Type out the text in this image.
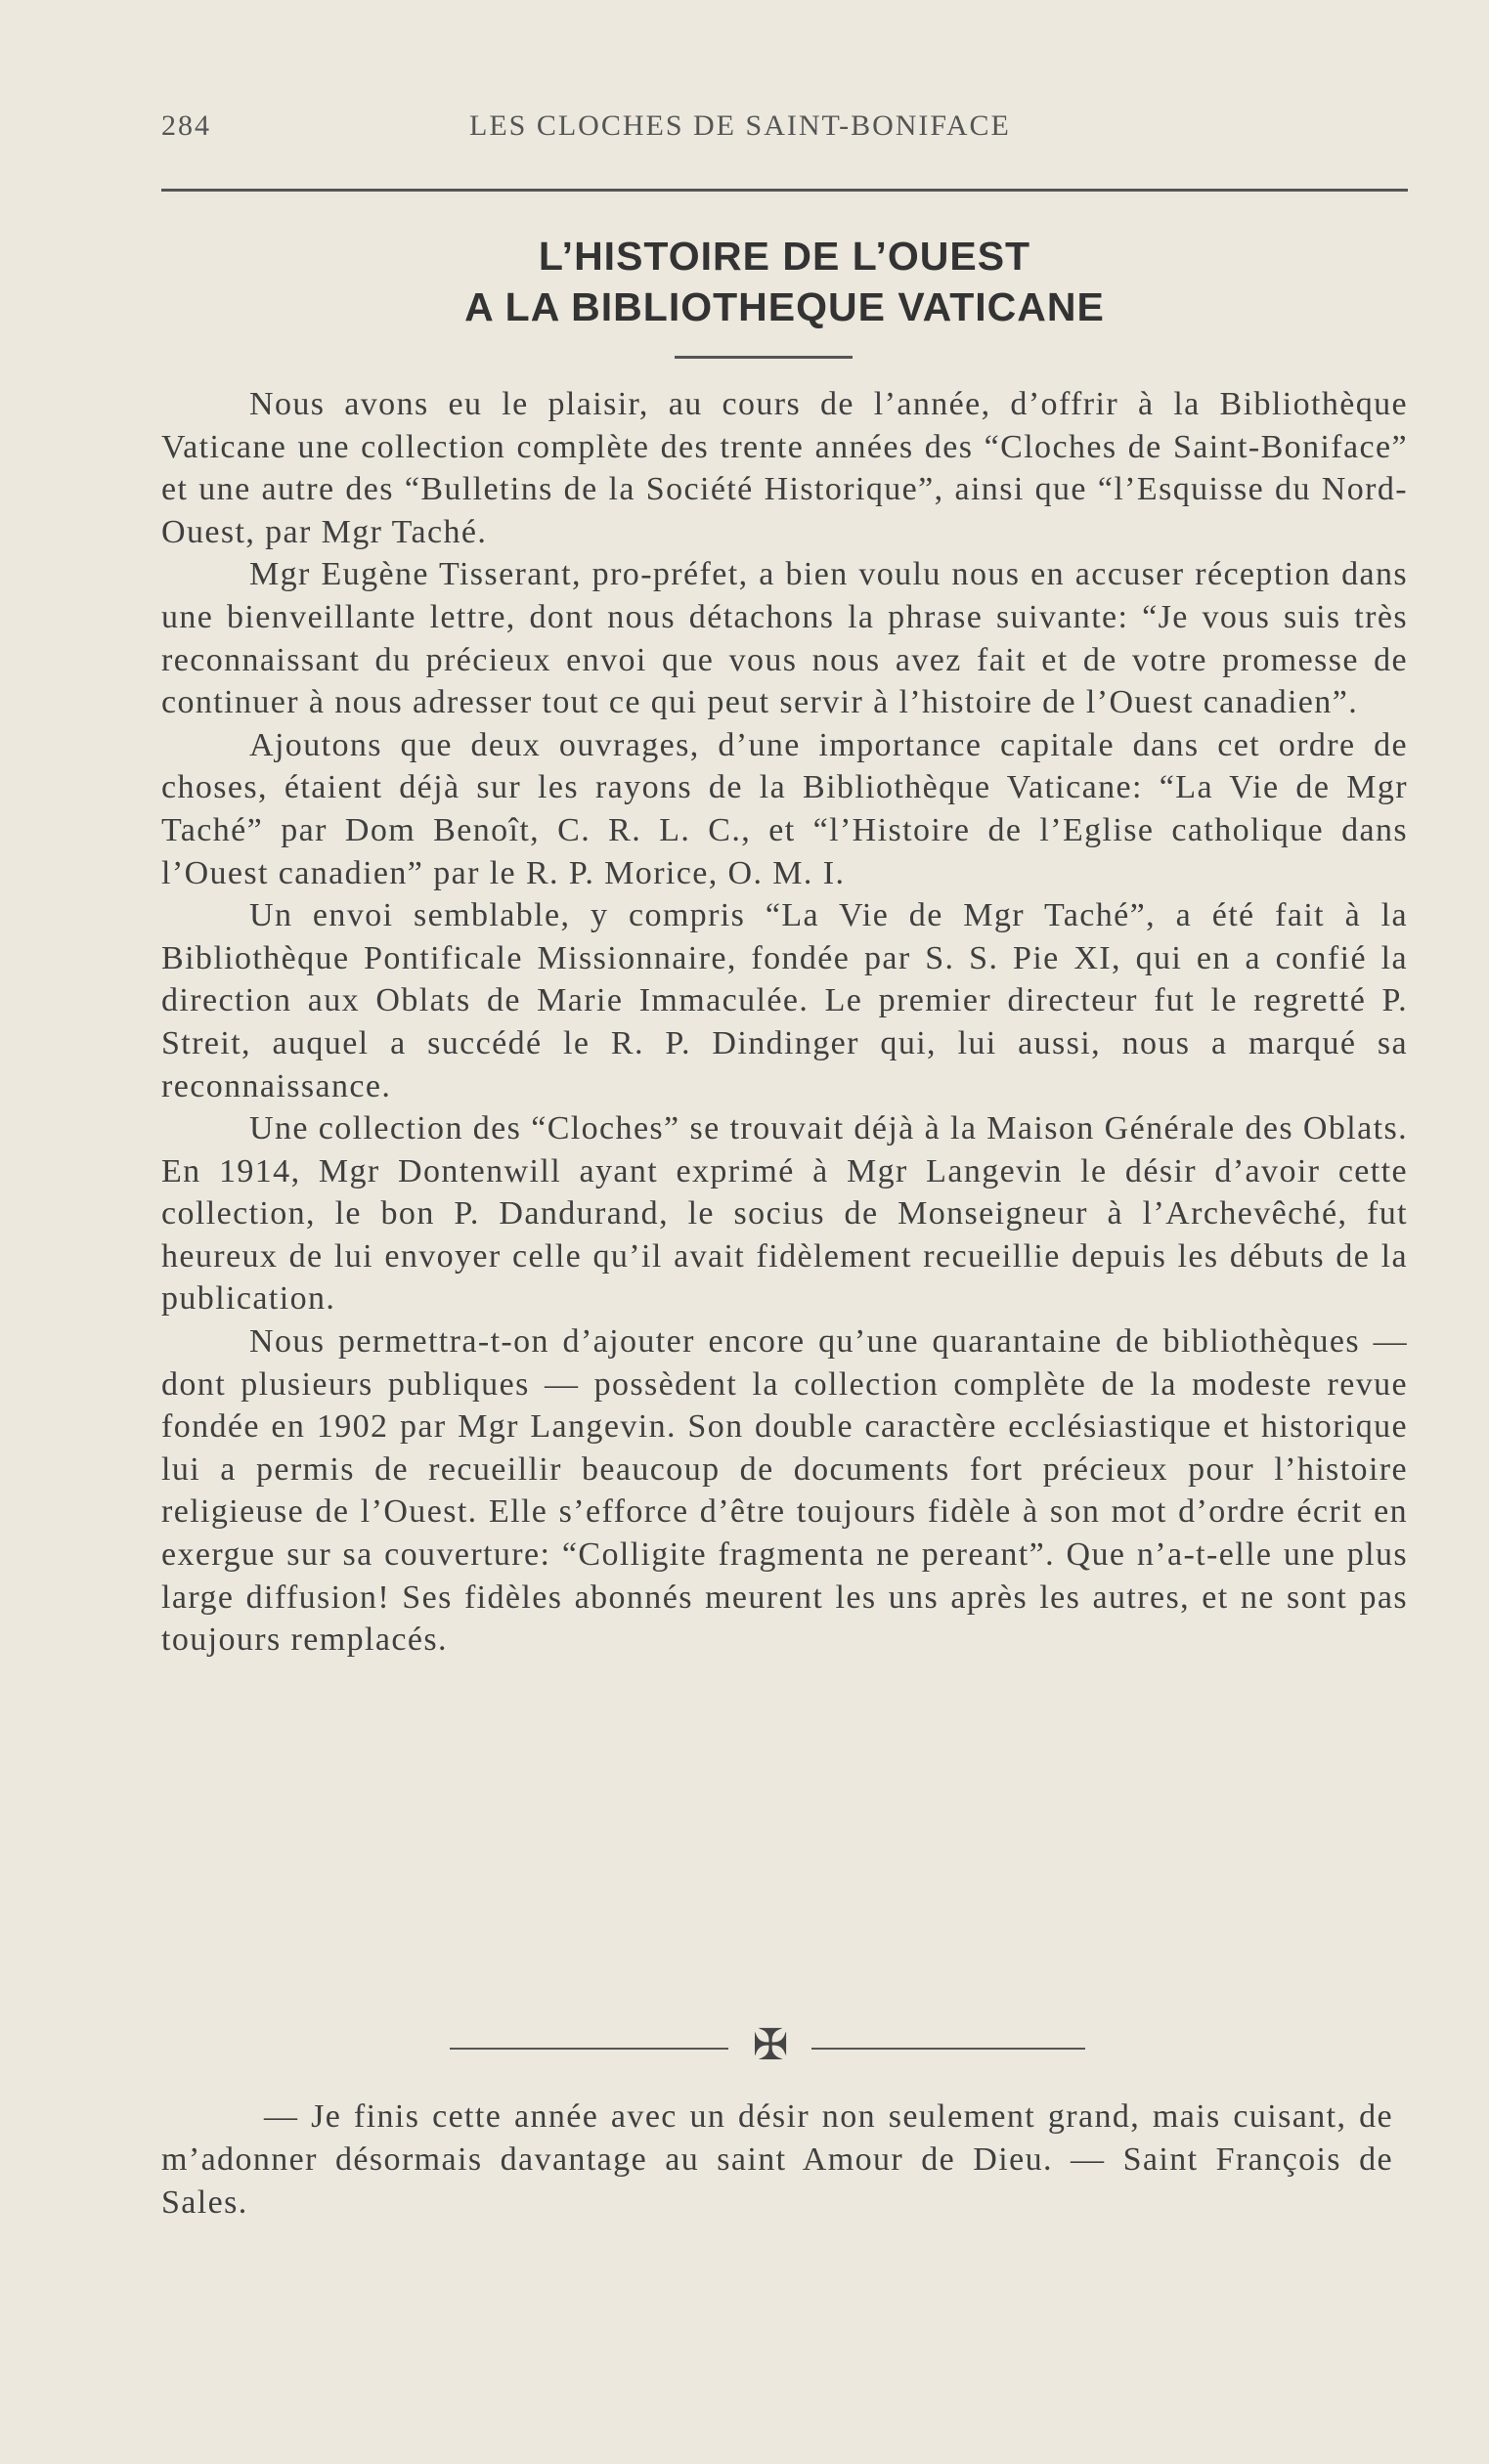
284	LES CLOCHES DE SAINT-BONIFACE
L’HISTOIRE DE L’OUEST
A LA BIBLIOTHEQUE VATICANE

Nous avons eu le plaisir, au cours de l’année, d’offrir à la Bibliothèque Vaticane une collection complète des trente années des “Cloches de Saint-Boniface” et une autre des “Bulletins de la Société Historique”, ainsi que “l’Esquisse du Nord-Ouest, par Mgr Taché.

Mgr Eugène Tisserant, pro-préfet, a bien voulu nous en accuser réception dans une bienveillante lettre, dont nous détachons la phrase suivante: “Je vous suis très reconnaissant du précieux envoi que vous nous avez fait et de votre promesse de continuer à nous adresser tout ce qui peut servir à l’histoire de l’Ouest canadien”.

Ajoutons que deux ouvrages, d’une importance capitale dans cet ordre de choses, étaient déjà sur les rayons de la Bibliothèque Vaticane: “La Vie de Mgr Taché” par Dom Benoît, C. R. L. C., et “l’Histoire de l’Eglise catholique dans l’Ouest canadien” par le R. P. Morice, O. M. I.

Un envoi semblable, y compris “La Vie de Mgr Taché”, a été fait à la Bibliothèque Pontificale Missionnaire, fondée par S. S. Pie XI, qui en a confié la direction aux Oblats de Marie Immaculée. Le premier directeur fut le regretté P. Streit, auquel a succédé le R. P. Dindinger qui, lui aussi, nous a marqué sa reconnaissance.

Une collection des “Cloches” se trouvait déjà à la Maison Générale des Oblats. En 1914, Mgr Dontenwill ayant exprimé à Mgr Langevin le désir d’avoir cette collection, le bon P. Dandurand, le socius de Monseigneur à l’Archevêché, fut heureux de lui envoyer celle qu’il avait fidèlement recueillie depuis les débuts de la publication.

Nous permettra-t-on d’ajouter encore qu’une quarantaine de bibliothèques — dont plusieurs publiques — possèdent la collection complète de la modeste revue fondée en 1902 par Mgr Langevin. Son double caractère ecclésiastique et historique lui a permis de recueillir beaucoup de documents fort précieux pour l’histoire religieuse de l’Ouest. Elle s’efforce d’être toujours fidèle à son mot d’ordre écrit en exergue sur sa couverture: “Colligite fragmenta ne pereant”. Que n’a-t-elle une plus large diffusion! Ses fidèles abonnés meurent les uns après les autres, et ne sont pas toujours remplacés.

✠

— Je finis cette année avec un désir non seulement grand, mais cuisant, de m’adonner désormais davantage au saint Amour de Dieu. — Saint François de Sales.
